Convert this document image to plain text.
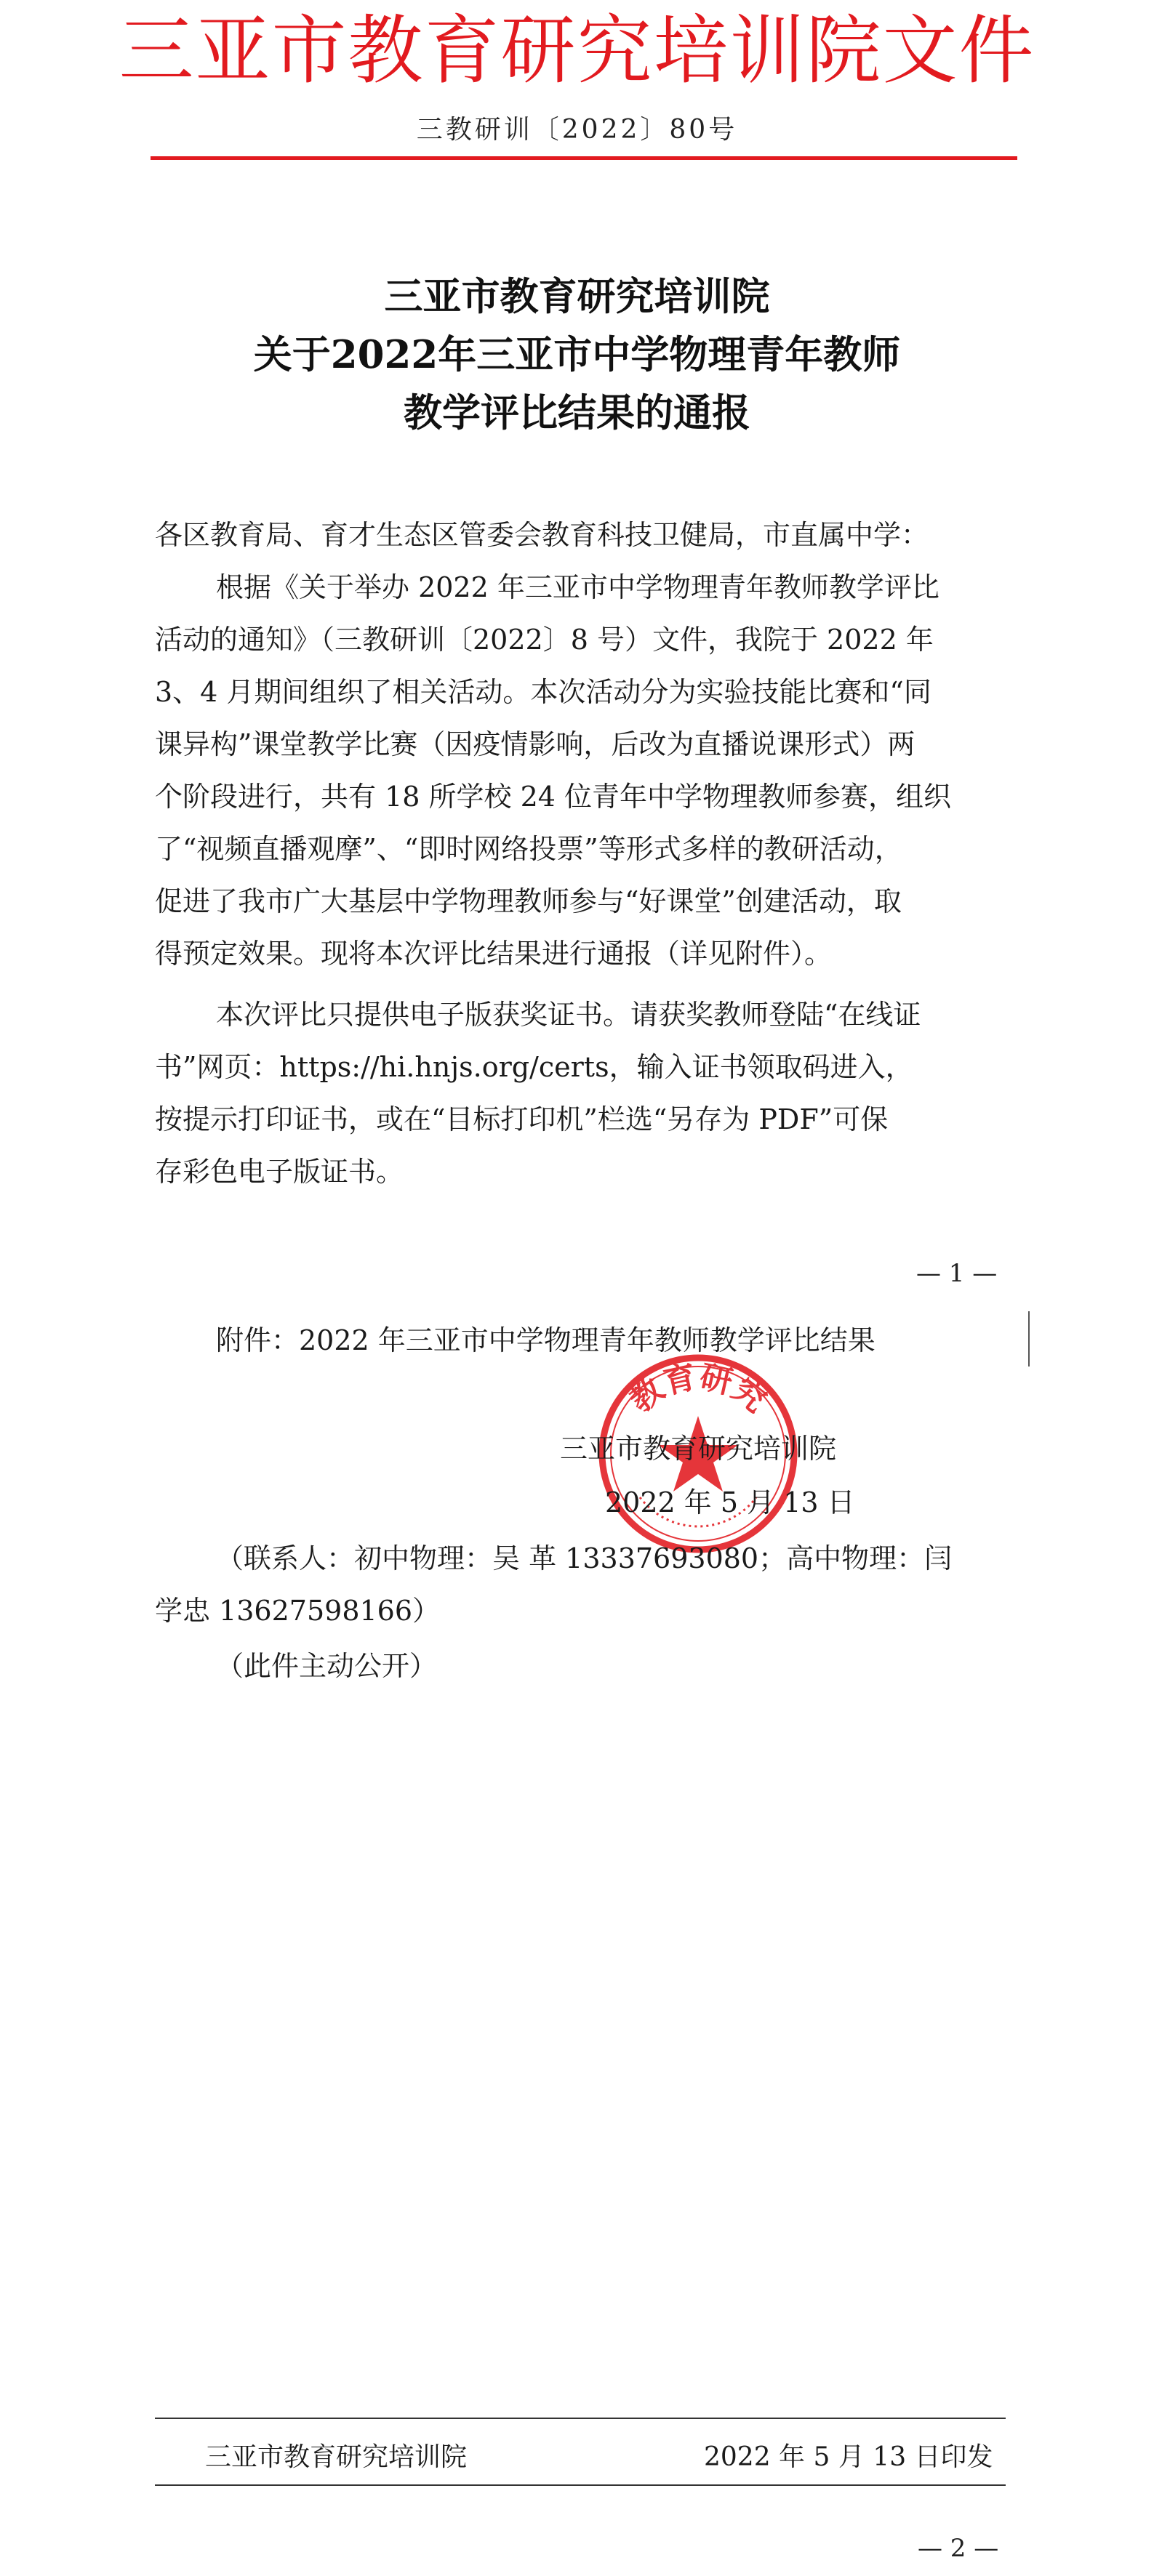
三亚市教育研究培训院文件
三教研训〔2022〕80号
三亚市教育研究培训院
关于2022年三亚市中学物理青年教师
教学评比结果的通报
各区教育局、育才生态区管委会教育科技卫健局，市直属中学：
根据《关于举办 2022 年三亚市中学物理青年教师教学评比
活动的通知》（三教研训〔2022〕8 号）文件，我院于 2022 年
3、4 月期间组织了相关活动。本次活动分为实验技能比赛和“同
课异构”课堂教学比赛（因疫情影响，后改为直播说课形式）两
个阶段进行，共有 18 所学校 24 位青年中学物理教师参赛，组织
了“视频直播观摩”、“即时网络投票”等形式多样的教研活动，
促进了我市广大基层中学物理教师参与“好课堂”创建活动，取
得预定效果。现将本次评比结果进行通报（详见附件）。
本次评比只提供电子版获奖证书。请获奖教师登陆“在线证
书”网页：https://hi.hnjs.org/certs，输入证书领取码进入，
按提示打印证书，或在“目标打印机”栏选“另存为 PDF”可保
存彩色电子版证书。
— 1 —
附件：2022 年三亚市中学物理青年教师教学评比结果
教育研究
三亚市教育研究培训院
2022 年 5 月 13 日
（联系人：初中物理：吴 革 13337693080；高中物理：闫
学忠 13627598166）
（此件主动公开）
三亚市教育研究培训院	2022 年 5 月 13 日印发
— 2 —
